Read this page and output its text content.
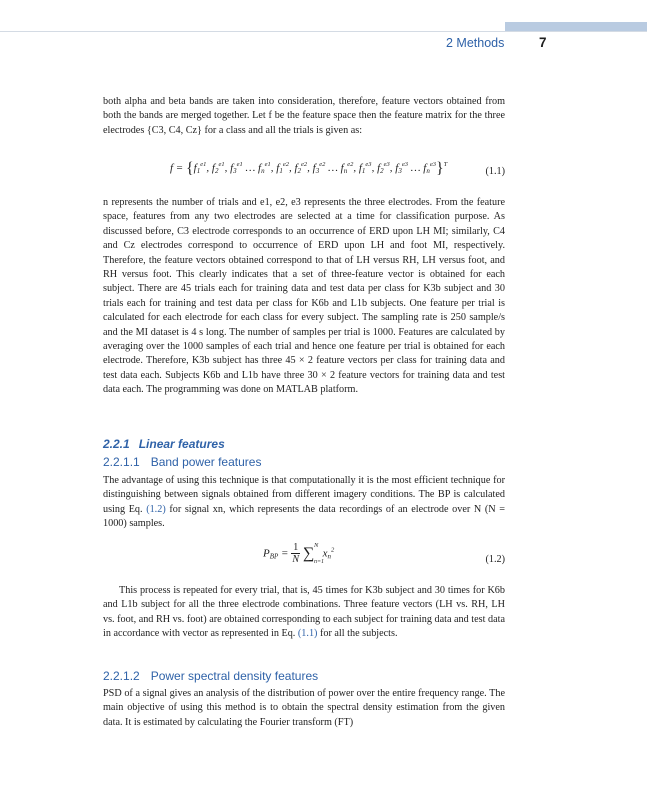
2 Methods	7

both alpha and beta bands are taken into consideration, therefore, feature vectors obtained from both the bands are merged together. Let f be the feature space then the feature matrix for the three electrodes {C3, C4, Cz} for a class and all the trials is given as:

$f = \{f_1^{e1}$, $f_2^{e1}$, $f_3^{e1}$ … $f_n^{e1}$, $f_1^{e2}$, $f_2^{e2}$, $f_3^{e2}$ … $f_n^{e2}$, $f_1^{e3}$, $f_2^{e3}$, $f_3^{e3}$ … $f_n^{e3}\}^T$
(1.1)

n represents the number of trials and e1, e2, e3 represents the three electrodes. From the feature space, features from any two electrodes are selected at a time for classification purpose. As discussed before, C3 electrode corresponds to an occurrence of ERD upon LH MI; similarly, C4 and Cz electrodes correspond to occurrence of ERD upon LH and foot MI, respectively. Therefore, the feature vectors obtained correspond to that of LH versus RH, LH versus foot, and RH versus foot. This clearly indicates that a set of three-feature vector is obtained for each subject. There are 45 trials each for training data and test data per class for K3b subject and 30 trials each for training and test data per class for K6b and L1b subjects. One feature per trial is calculated for each electrode for each class for every subject. The sampling rate is 250 sample/s and the MI dataset is 4 s long. The number of samples per trial is 1000. Features are calculated by averaging over the 1000 samples of each trial and hence one feature per trial is obtained for each electrode. Therefore, K3b subject has three 45 × 2 feature vectors per class for training data and test data each. Subjects K6b and L1b have three 30 × 2 feature vectors for training data and test data each. The programming was done on MATLAB platform.

2.2.1 Linear features
2.2.1.1 Band power features

The advantage of using this technique is that computationally it is the most efficient technique for distinguishing between signals obtained from different imagery conditions. The BP is calculated using Eq. (1.2) for signal xn, which represents the data recordings of an electrode over N (N = 1000) samples.

$P_{BP} = \frac{1}{N}$ ∑ N
n=1
$x_n^2$
(1.2)

This process is repeated for every trial, that is, 45 times for K3b subject and 30 times for K6b and L1b subject for all the three electrode combinations. Three feature vectors (LH vs. RH, LH vs. foot, and RH vs. foot) are obtained corresponding to each subject for training data and test data in accordance with vector as represented in Eq. (1.1) for all the subjects.

2.2.1.2 Power spectral density features

PSD of a signal gives an analysis of the distribution of power over the entire frequency range. The main objective of using this method is to obtain the spectral density estimation from the given data. It is estimated by calculating the Fourier transform (FT)
